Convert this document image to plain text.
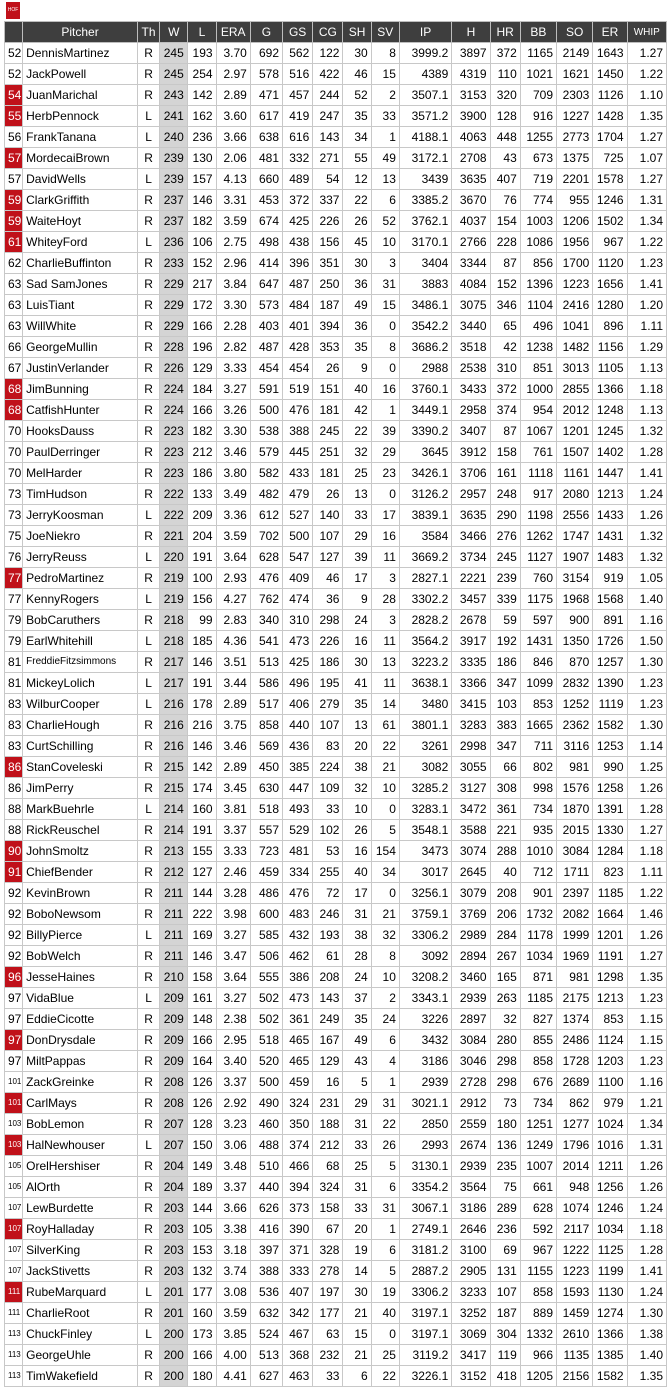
HOF
	Pitcher	Th	W	L	ERA	G	GS	CG	SH	SV	IP	H	HR	BB	SO	ER	WHIP
52	DennisMartinez	R	245	193	3.70	692	562	122	30	8	3999.2	3897	372	1165	2149	1643	1.27
52	JackPowell	R	245	254	2.97	578	516	422	46	15	4389	4319	110	1021	1621	1450	1.22
54	JuanMarichal	R	243	142	2.89	471	457	244	52	2	3507.1	3153	320	709	2303	1126	1.10
55	HerbPennock	L	241	162	3.60	617	419	247	35	33	3571.2	3900	128	916	1227	1428	1.35
56	FrankTanana	L	240	236	3.66	638	616	143	34	1	4188.1	4063	448	1255	2773	1704	1.27
57	MordecaiBrown	R	239	130	2.06	481	332	271	55	49	3172.1	2708	43	673	1375	725	1.07
57	DavidWells	L	239	157	4.13	660	489	54	12	13	3439	3635	407	719	2201	1578	1.27
59	ClarkGriffith	R	237	146	3.31	453	372	337	22	6	3385.2	3670	76	774	955	1246	1.31
59	WaiteHoyt	R	237	182	3.59	674	425	226	26	52	3762.1	4037	154	1003	1206	1502	1.34
61	WhiteyFord	L	236	106	2.75	498	438	156	45	10	3170.1	2766	228	1086	1956	967	1.22
62	CharlieBuffinton	R	233	152	2.96	414	396	351	30	3	3404	3344	87	856	1700	1120	1.23
63	Sad SamJones	R	229	217	3.84	647	487	250	36	31	3883	4084	152	1396	1223	1656	1.41
63	LuisTiant	R	229	172	3.30	573	484	187	49	15	3486.1	3075	346	1104	2416	1280	1.20
63	WillWhite	R	229	166	2.28	403	401	394	36	0	3542.2	3440	65	496	1041	896	1.11
66	GeorgeMullin	R	228	196	2.82	487	428	353	35	8	3686.2	3518	42	1238	1482	1156	1.29
67	JustinVerlander	R	226	129	3.33	454	454	26	9	0	2988	2538	310	851	3013	1105	1.13
68	JimBunning	R	224	184	3.27	591	519	151	40	16	3760.1	3433	372	1000	2855	1366	1.18
68	CatfishHunter	R	224	166	3.26	500	476	181	42	1	3449.1	2958	374	954	2012	1248	1.13
70	HooksDauss	R	223	182	3.30	538	388	245	22	39	3390.2	3407	87	1067	1201	1245	1.32
70	PaulDerringer	R	223	212	3.46	579	445	251	32	29	3645	3912	158	761	1507	1402	1.28
70	MelHarder	R	223	186	3.80	582	433	181	25	23	3426.1	3706	161	1118	1161	1447	1.41
73	TimHudson	R	222	133	3.49	482	479	26	13	0	3126.2	2957	248	917	2080	1213	1.24
73	JerryKoosman	L	222	209	3.36	612	527	140	33	17	3839.1	3635	290	1198	2556	1433	1.26
75	JoeNiekro	R	221	204	3.59	702	500	107	29	16	3584	3466	276	1262	1747	1431	1.32
76	JerryReuss	L	220	191	3.64	628	547	127	39	11	3669.2	3734	245	1127	1907	1483	1.32
77	PedroMartinez	R	219	100	2.93	476	409	46	17	3	2827.1	2221	239	760	3154	919	1.05
77	KennyRogers	L	219	156	4.27	762	474	36	9	28	3302.2	3457	339	1175	1968	1568	1.40
79	BobCaruthers	R	218	99	2.83	340	310	298	24	3	2828.2	2678	59	597	900	891	1.16
79	EarlWhitehill	L	218	185	4.36	541	473	226	16	11	3564.2	3917	192	1431	1350	1726	1.50
81	FreddieFitzsimmons	R	217	146	3.51	513	425	186	30	13	3223.2	3335	186	846	870	1257	1.30
81	MickeyLolich	L	217	191	3.44	586	496	195	41	11	3638.1	3366	347	1099	2832	1390	1.23
83	WilburCooper	L	216	178	2.89	517	406	279	35	14	3480	3415	103	853	1252	1119	1.23
83	CharlieHough	R	216	216	3.75	858	440	107	13	61	3801.1	3283	383	1665	2362	1582	1.30
83	CurtSchilling	R	216	146	3.46	569	436	83	20	22	3261	2998	347	711	3116	1253	1.14
86	StanCoveleski	R	215	142	2.89	450	385	224	38	21	3082	3055	66	802	981	990	1.25
86	JimPerry	R	215	174	3.45	630	447	109	32	10	3285.2	3127	308	998	1576	1258	1.26
88	MarkBuehrle	L	214	160	3.81	518	493	33	10	0	3283.1	3472	361	734	1870	1391	1.28
88	RickReuschel	R	214	191	3.37	557	529	102	26	5	3548.1	3588	221	935	2015	1330	1.27
90	JohnSmoltz	R	213	155	3.33	723	481	53	16	154	3473	3074	288	1010	3084	1284	1.18
91	ChiefBender	R	212	127	2.46	459	334	255	40	34	3017	2645	40	712	1711	823	1.11
92	KevinBrown	R	211	144	3.28	486	476	72	17	0	3256.1	3079	208	901	2397	1185	1.22
92	BoboNewsom	R	211	222	3.98	600	483	246	31	21	3759.1	3769	206	1732	2082	1664	1.46
92	BillyPierce	L	211	169	3.27	585	432	193	38	32	3306.2	2989	284	1178	1999	1201	1.26
92	BobWelch	R	211	146	3.47	506	462	61	28	8	3092	2894	267	1034	1969	1191	1.27
96	JesseHaines	R	210	158	3.64	555	386	208	24	10	3208.2	3460	165	871	981	1298	1.35
97	VidaBlue	L	209	161	3.27	502	473	143	37	2	3343.1	2939	263	1185	2175	1213	1.23
97	EddieCicotte	R	209	148	2.38	502	361	249	35	24	3226	2897	32	827	1374	853	1.15
97	DonDrysdale	R	209	166	2.95	518	465	167	49	6	3432	3084	280	855	2486	1124	1.15
97	MiltPappas	R	209	164	3.40	520	465	129	43	4	3186	3046	298	858	1728	1203	1.23
101	ZackGreinke	R	208	126	3.37	500	459	16	5	1	2939	2728	298	676	2689	1100	1.16
101	CarlMays	R	208	126	2.92	490	324	231	29	31	3021.1	2912	73	734	862	979	1.21
103	BobLemon	R	207	128	3.23	460	350	188	31	22	2850	2559	180	1251	1277	1024	1.34
103	HalNewhouser	L	207	150	3.06	488	374	212	33	26	2993	2674	136	1249	1796	1016	1.31
105	OrelHershiser	R	204	149	3.48	510	466	68	25	5	3130.1	2939	235	1007	2014	1211	1.26
105	AlOrth	R	204	189	3.37	440	394	324	31	6	3354.2	3564	75	661	948	1256	1.26
107	LewBurdette	R	203	144	3.66	626	373	158	33	31	3067.1	3186	289	628	1074	1246	1.24
107	RoyHalladay	R	203	105	3.38	416	390	67	20	1	2749.1	2646	236	592	2117	1034	1.18
107	SilverKing	R	203	153	3.18	397	371	328	19	6	3181.2	3100	69	967	1222	1125	1.28
107	JackStivetts	R	203	132	3.74	388	333	278	14	5	2887.2	2905	131	1155	1223	1199	1.41
111	RubeMarquard	L	201	177	3.08	536	407	197	30	19	3306.2	3233	107	858	1593	1130	1.24
111	CharlieRoot	R	201	160	3.59	632	342	177	21	40	3197.1	3252	187	889	1459	1274	1.30
113	ChuckFinley	L	200	173	3.85	524	467	63	15	0	3197.1	3069	304	1332	2610	1366	1.38
113	GeorgeUhle	R	200	166	4.00	513	368	232	21	25	3119.2	3417	119	966	1135	1385	1.40
113	TimWakefield	R	200	180	4.41	627	463	33	6	22	3226.1	3152	418	1205	2156	1582	1.35
